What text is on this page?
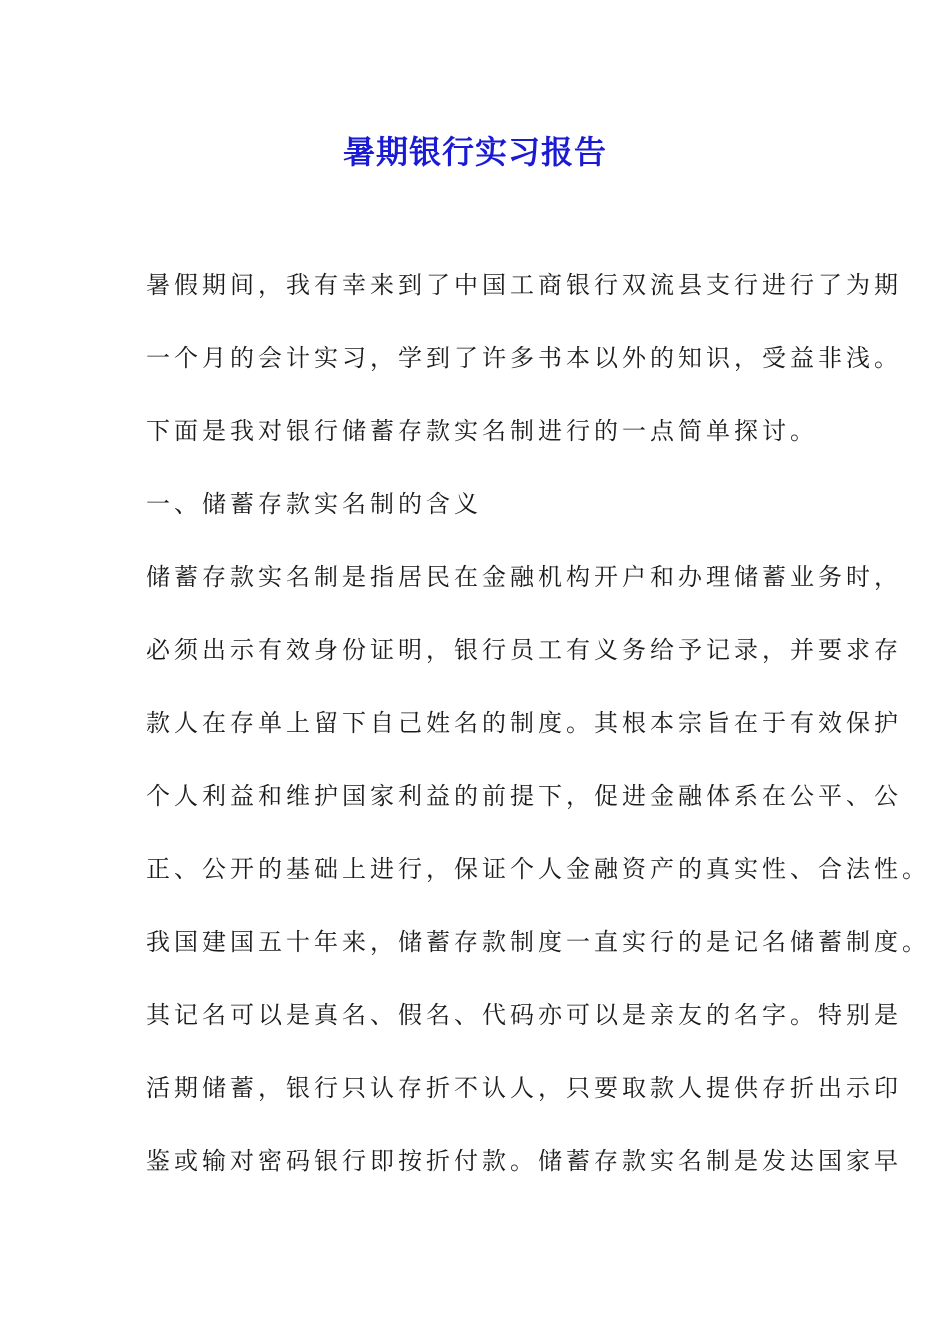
暑期银行实习报告

暑假期间，我有幸来到了中国工商银行双流县支行进行了为期

一个月的会计实习，学到了许多书本以外的知识，受益非浅。

下面是我对银行储蓄存款实名制进行的一点简单探讨。

一、储蓄存款实名制的含义

储蓄存款实名制是指居民在金融机构开户和办理储蓄业务时，

必须出示有效身份证明，银行员工有义务给予记录，并要求存

款人在存单上留下自己姓名的制度。其根本宗旨在于有效保护

个人利益和维护国家利益的前提下，促进金融体系在公平、公

正、公开的基础上进行，保证个人金融资产的真实性、合法性。

我国建国五十年来，储蓄存款制度一直实行的是记名储蓄制度。

其记名可以是真名、假名、代码亦可以是亲友的名字。特别是

活期储蓄，银行只认存折不认人，只要取款人提供存折出示印

鉴或输对密码银行即按折付款。储蓄存款实名制是发达国家早
